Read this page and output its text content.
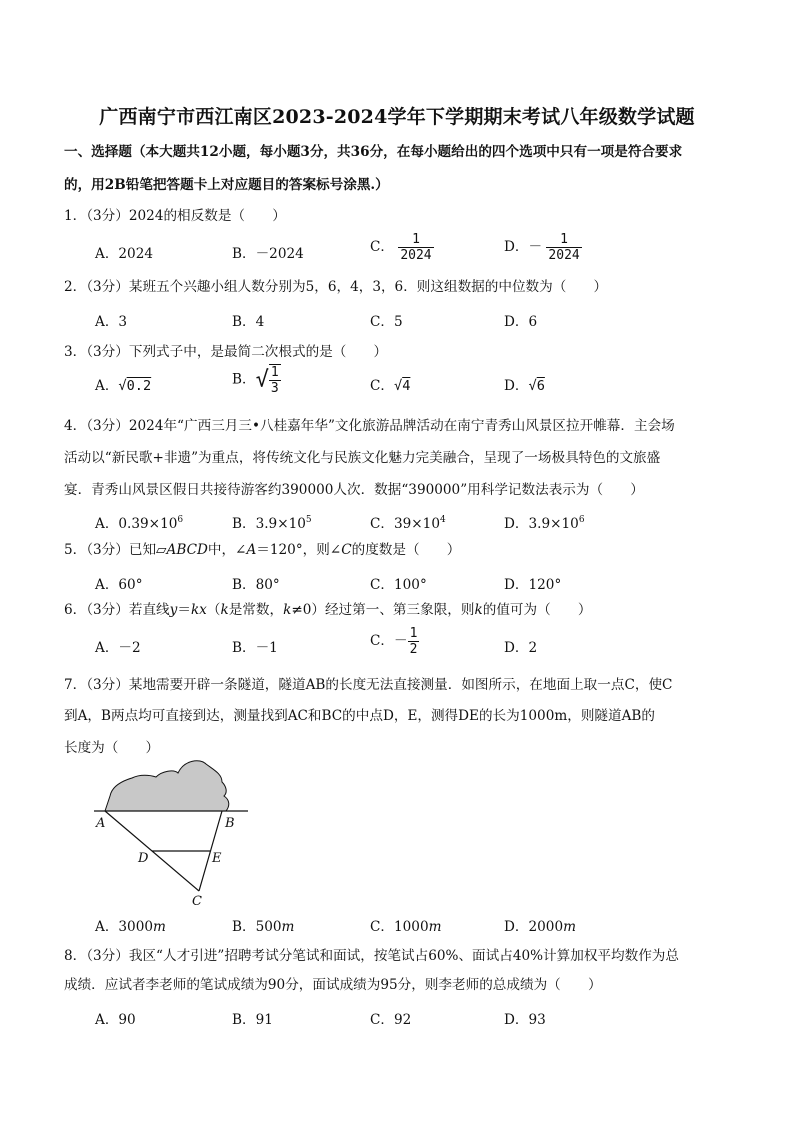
广西南宁市西江南区2023-2024学年下学期期末考试八年级数学试题
一、选择题（本大题共12小题，每小题3分，共36分，在每小题给出的四个选项中只有一项是符合要求
的，用2B铅笔把答题卡上对应题目的答案标号涂黑.）
1．（3分）2024的相反数是（　　）
A．2024	B．－2024	C． $\frac{1}{2024}$	D．－ $\frac{1}{2024}$
2．（3分）某班五个兴趣小组人数分别为5，6，4，3，6．则这组数据的中位数为（　　）
A．3	B．4	C．5	D．6
3．（3分）下列式子中，是最简二次根式的是（　　）
A．√0.2	B．√ $\frac{1}{3}$	C．√4	D．√6
4．（3分）2024年“广西三月三•八桂嘉年华”文化旅游品牌活动在南宁青秀山风景区拉开帷幕．主会场
活动以“新民歌+非遗”为重点，将传统文化与民族文化魅力完美融合，呈现了一场极具特色的文旅盛
宴．青秀山风景区假日共接待游客约390000人次．数据“390000”用科学记数法表示为（　　）
A．$0.39\times 10^6$	B．$3.9\times 10^5$	C．$39\times 10^4$	D．$3.9\times 10^6$
5．（3分）已知▱ABCD中，∠A＝120°，则∠C的度数是（　　）
A．60°	B．80°	C．100°	D．120°
6．（3分）若直线y＝kx（k是常数，k≠0）经过第一、第三象限，则k的值可为（　　）
A．－2	B．－1	C．－ $\frac{1}{2}$	D．2
7．（3分）某地需要开辟一条隧道，隧道AB的长度无法直接测量．如图所示，在地面上取一点C，使C
到A，B两点均可直接到达，测量找到AC和BC的中点D，E，测得DE的长为1000m，则隧道AB的
长度为（　　）
A	B
D	E
C
A．3000m	B．500m	C．1000m	D．2000m
8．（3分）我区“人才引进”招聘考试分笔试和面试，按笔试占60%、面试占40%计算加权平均数作为总
成绩．应试者李老师的笔试成绩为90分，面试成绩为95分，则李老师的总成绩为（　　）
A．90	B．91	C．92	D．93
